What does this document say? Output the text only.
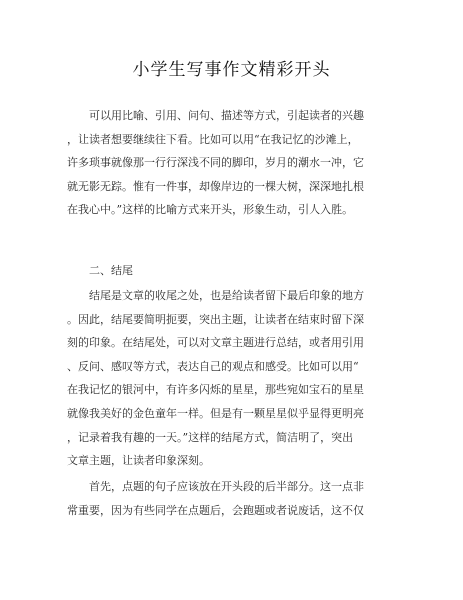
小学生写事作文精彩开头
可以用比喻、引用、问句、描述等方式，引起读者的兴趣
，让读者想要继续往下看。比如可以用“在我记忆的沙滩上，
许多琐事就像那一行行深浅不同的脚印，岁月的潮水一冲，它
就无影无踪。惟有一件事，却像岸边的一棵大树，深深地扎根
在我心中。”这样的比喻方式来开头，形象生动，引人入胜。
二、结尾
结尾是文章的收尾之处，也是给读者留下最后印象的地方
。因此，结尾要简明扼要，突出主题，让读者在结束时留下深
刻的印象。在结尾处，可以对文章主题进行总结，或者用引用
、反问、感叹等方式，表达自己的观点和感受。比如可以用“
在我记忆的银河中，有许多闪烁的星星，那些宛如宝石的星星
就像我美好的金色童年一样。但是有一颗星星似乎显得更明亮
，记录着我有趣的一天。”这样的结尾方式，简洁明了，突出
文章主题，让读者印象深刻。
首先，点题的句子应该放在开头段的后半部分。这一点非
常重要，因为有些同学在点题后，会跑题或者说废话，这不仅
